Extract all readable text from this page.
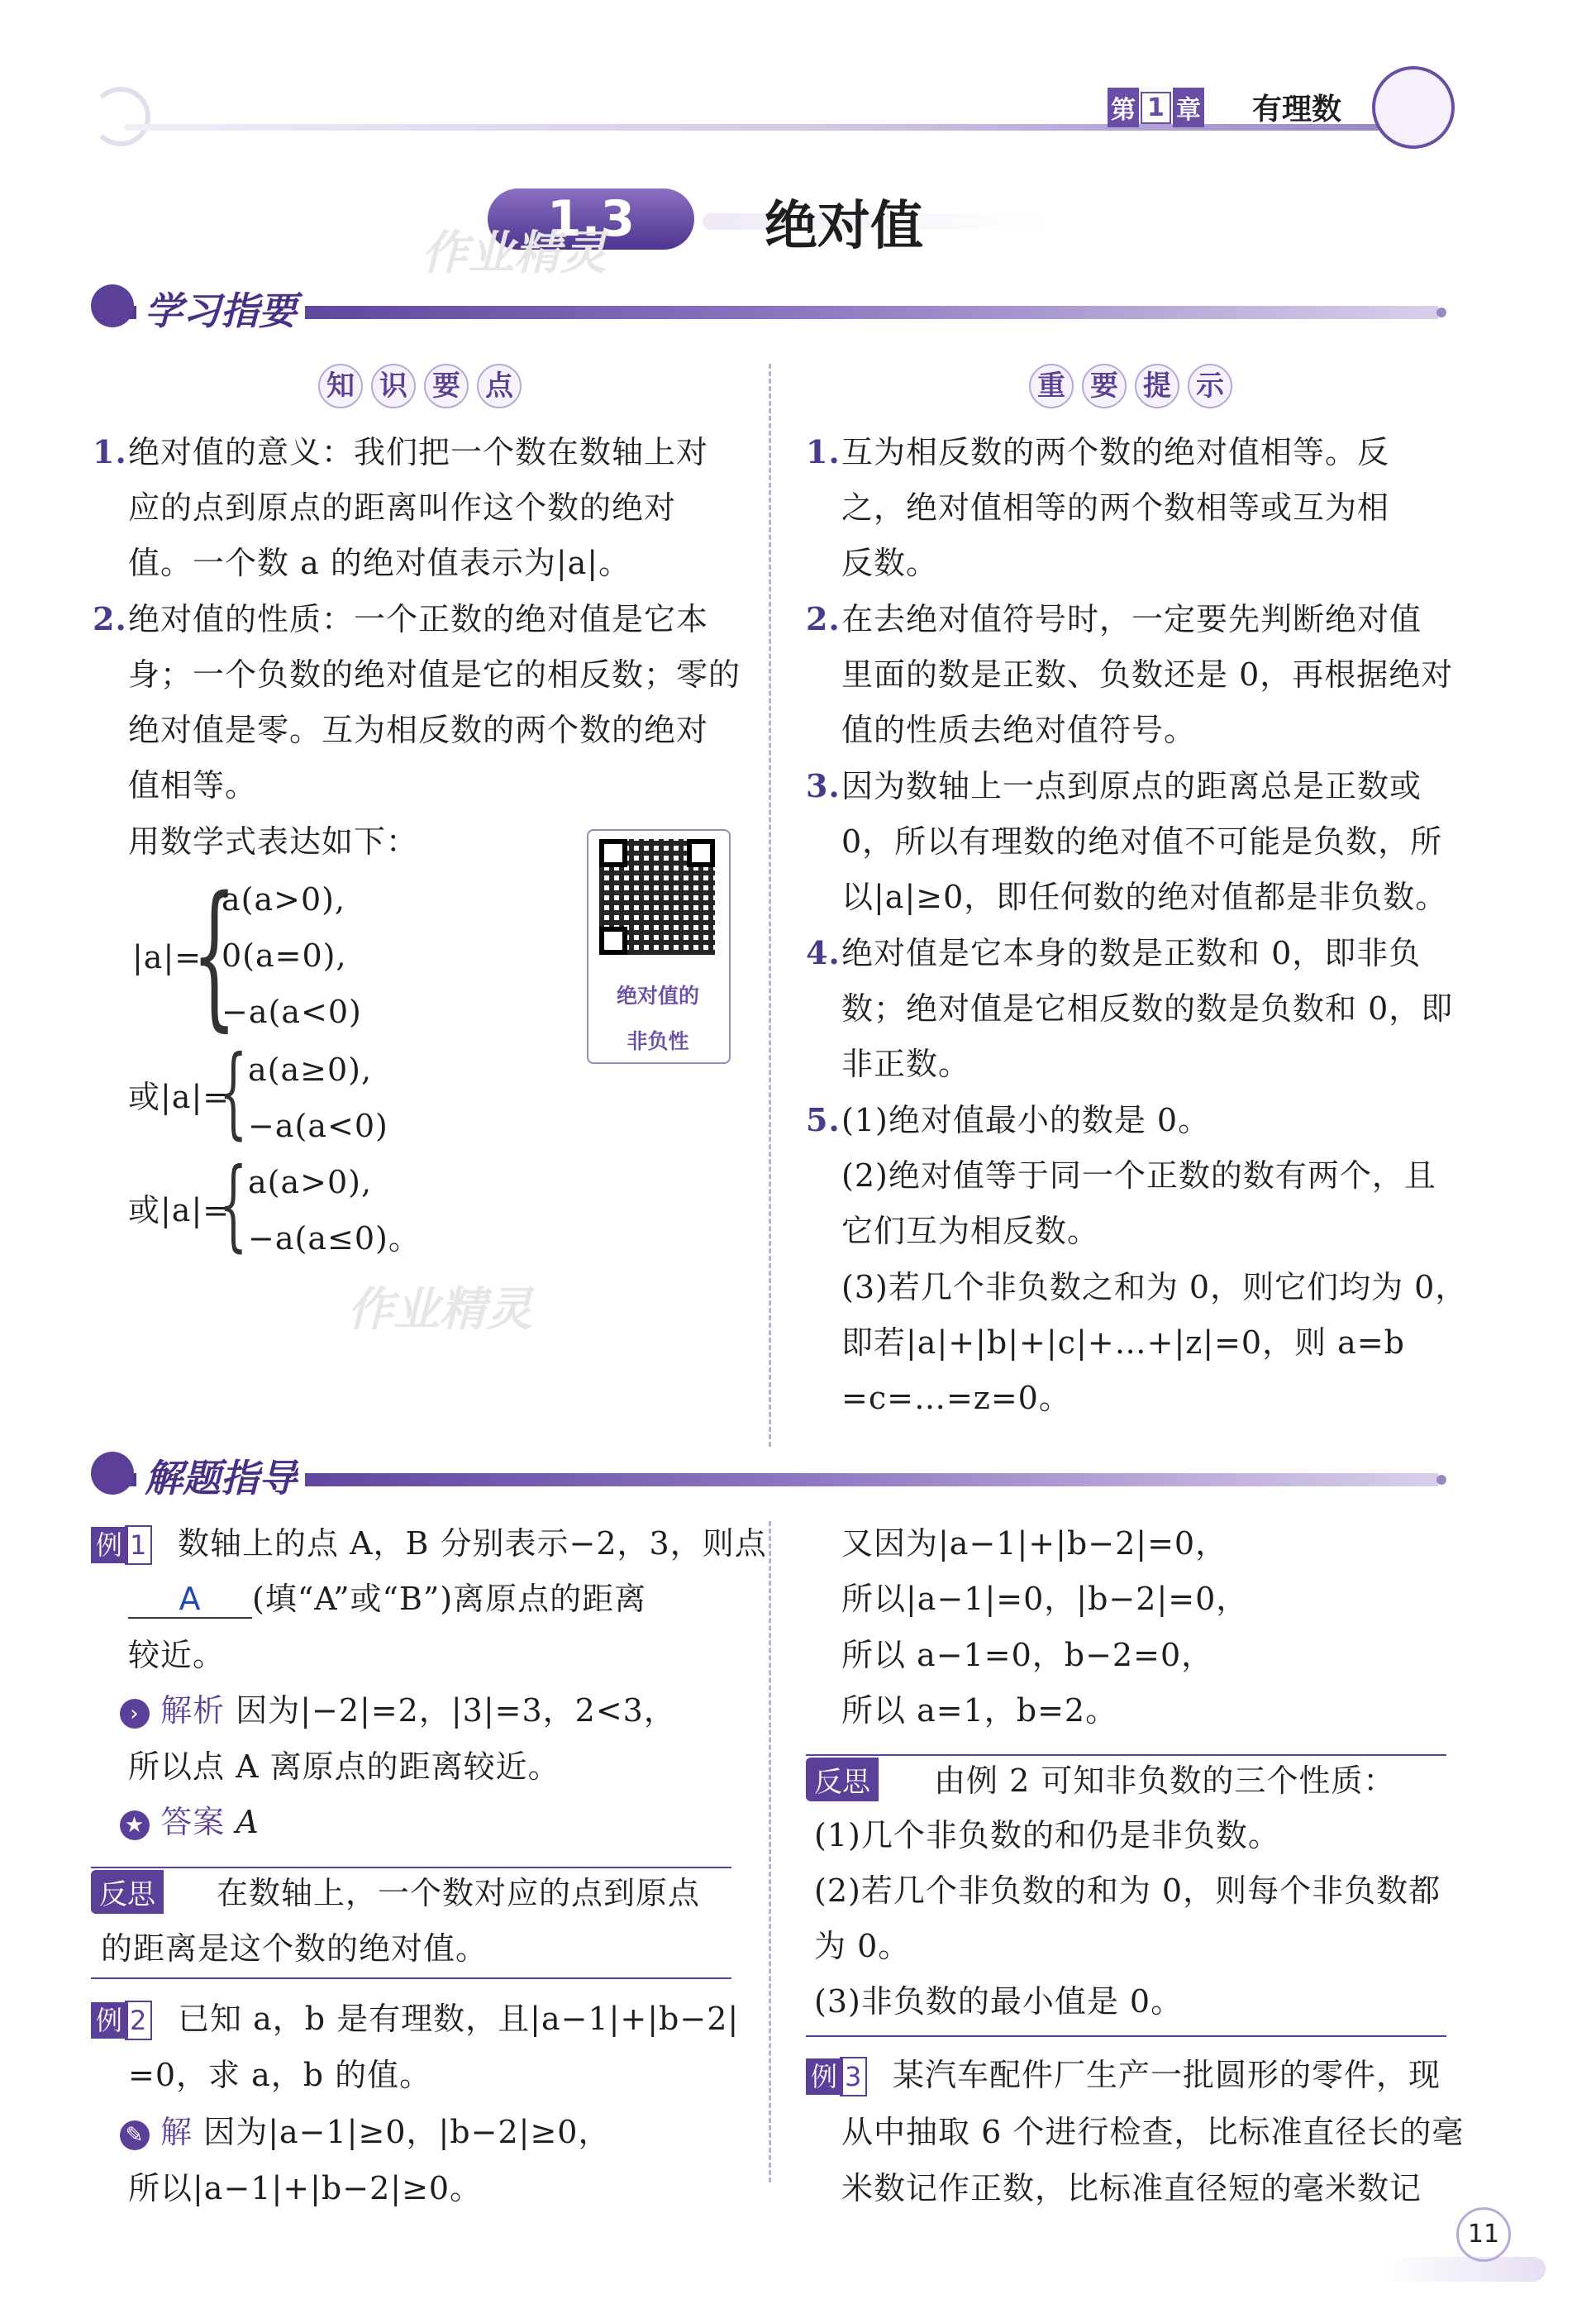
第 1 章 有理数
1.3	绝对值
作业精灵
学习指要
知 识 要 点
1. 绝对值的意义：我们把一个数在数轴上对
应的点到原点的距离叫作这个数的绝对
值。一个数 a 的绝对值表示为|a|。
2. 绝对值的性质：一个正数的绝对值是它本
身；一个负数的绝对值是它的相反数；零的
绝对值是零。互为相反数的两个数的绝对
值相等。
用数学式表达如下：
|a|=
{
a(a>0),
0(a=0),
−a(a<0)
或|a|=
{ a(a≥0),
−a(a<0)
或|a|=
{ a(a>0),
−a(a≤0)。
绝对值的
非负性
作业精灵
重 要 提 示
1. 互为相反数的两个数的绝对值相等。反
之，绝对值相等的两个数相等或互为相
反数。
2. 在去绝对值符号时，一定要先判断绝对值
里面的数是正数、负数还是 0，再根据绝对
值的性质去绝对值符号。
3. 因为数轴上一点到原点的距离总是正数或
0，所以有理数的绝对值不可能是负数，所
以|a|≥0，即任何数的绝对值都是非负数。
4. 绝对值是它本身的数是正数和 0，即非负
数；绝对值是它相反数的数是负数和 0，即
非正数。
5. (1)绝对值最小的数是 0。
(2)绝对值等于同一个正数的数有两个，且
它们互为相反数。
(3)若几个非负数之和为 0，则它们均为 0，
即若|a|+|b|+|c|+…+|z|=0，则 a=b
=c=…=z=0。
解题指导
例 1 数轴上的点 A，B 分别表示−2，3，则点
A (填“A”或“B”)离原点的距离
较近。
› 解析 因为|−2|=2，|3|=3，2<3，
所以点 A 离原点的距离较近。
★ 答案 A
反思 在数轴上，一个数对应的点到原点
的距离是这个数的绝对值。
例 2 已知 a，b 是有理数，且|a−1|+|b−2|
=0，求 a，b 的值。
✎ 解 因为|a−1|≥0，|b−2|≥0，
所以|a−1|+|b−2|≥0。
又因为|a−1|+|b−2|=0，
所以|a−1|=0，|b−2|=0，
所以 a−1=0，b−2=0，
所以 a=1，b=2。
反思 由例 2 可知非负数的三个性质：
(1)几个非负数的和仍是非负数。
(2)若几个非负数的和为 0，则每个非负数都
为 0。
(3)非负数的最小值是 0。
例 3 某汽车配件厂生产一批圆形的零件，现
从中抽取 6 个进行检查，比标准直径长的毫
米数记作正数，比标准直径短的毫米数记
11
